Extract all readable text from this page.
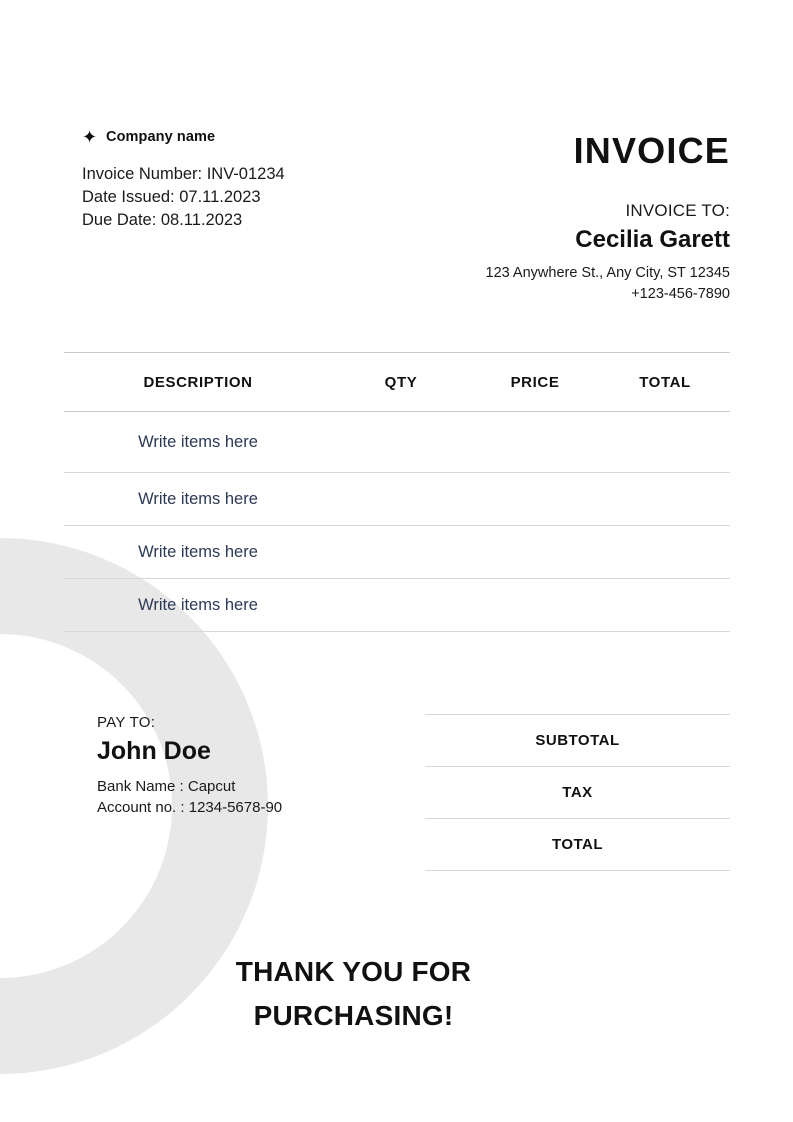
✦ Company name
Invoice Number: INV-01234
Date Issued: 07.11.2023
Due Date: 08.11.2023
INVOICE
INVOICE TO:
Cecilia Garett
123 Anywhere St., Any City, ST 12345
+123-456-7890
DESCRIPTION	QTY	PRICE	TOTAL
Write items here
Write items here
Write items here
Write items here
PAY TO:
John Doe
Bank Name : Capcut
Account no. : 1234-5678-90
SUBTOTAL
TAX
TOTAL
THANK YOU FOR
PURCHASING!
